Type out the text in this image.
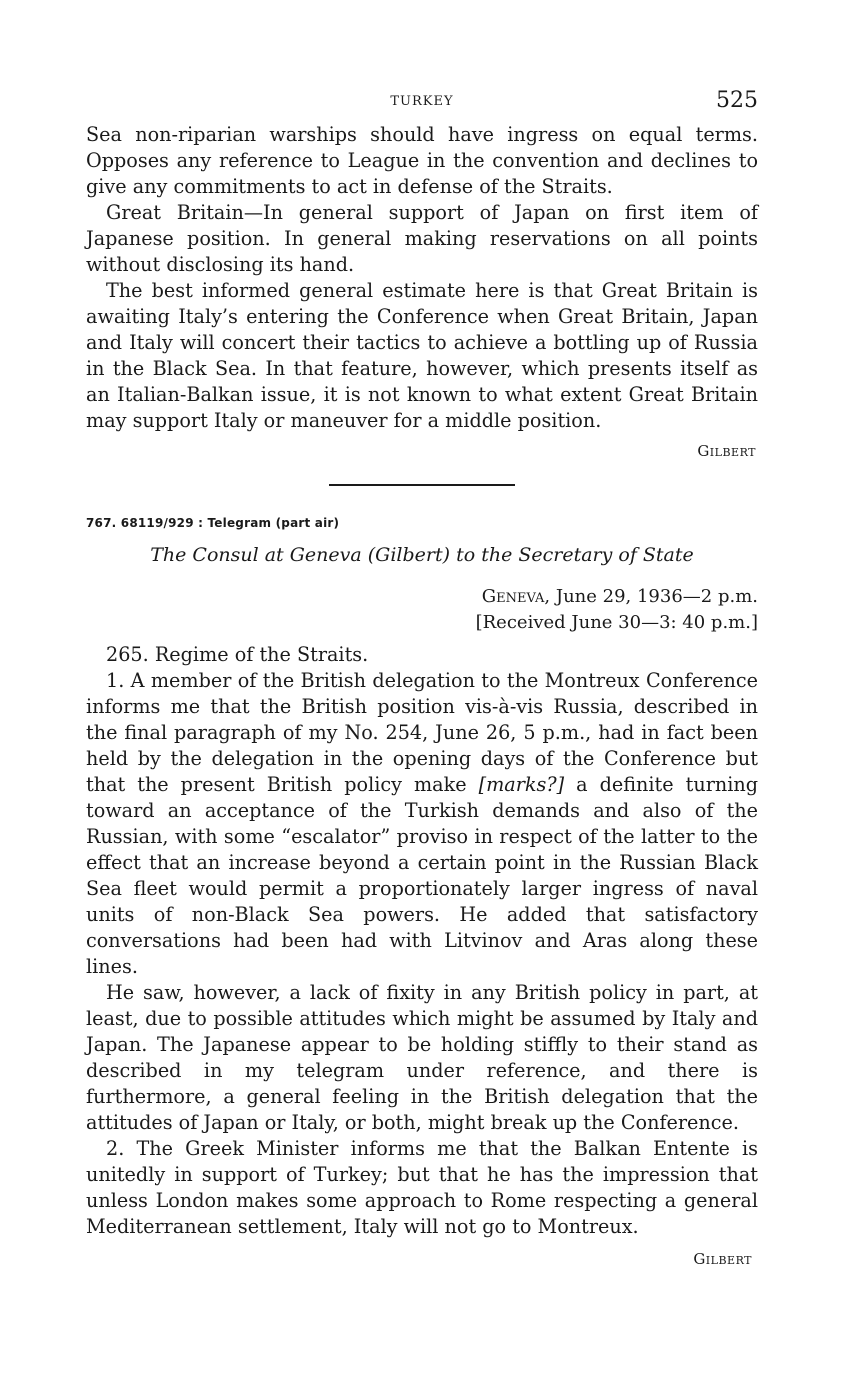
TURKEY	525

Sea non-riparian warships should have ingress on equal terms. Opposes any reference to League in the convention and declines to give any commitments to act in defense of the Straits.

Great Britain—In general support of Japan on first item of Japanese position. In general making reservations on all points without disclosing its hand.

The best informed general estimate here is that Great Britain is awaiting Italy’s entering the Conference when Great Britain, Japan and Italy will concert their tactics to achieve a bottling up of Russia in the Black Sea. In that feature, however, which presents itself as an Italian-Balkan issue, it is not known to what extent Great Britain may support Italy or maneuver for a middle position.

Gilbert
767. 68119/929 : Telegram (part air)
The Consul at Geneva (Gilbert) to the Secretary of State
Geneva, June 29, 1936—2 p.m.
[Received June 30—3: 40 p.m.]

265. Regime of the Straits.

1. A member of the British delegation to the Montreux Conference informs me that the British position vis-à-vis Russia, described in the final paragraph of my No. 254, June 26, 5 p.m., had in fact been held by the delegation in the opening days of the Conference but that the present British policy make [marks?] a definite turning toward an acceptance of the Turkish demands and also of the Russian, with some “escalator” proviso in respect of the latter to the effect that an increase beyond a certain point in the Russian Black Sea fleet would permit a proportionately larger ingress of naval units of non-Black Sea powers. He added that satisfactory conversations had been had with Litvinov and Aras along these lines.

He saw, however, a lack of fixity in any British policy in part, at least, due to possible attitudes which might be assumed by Italy and Japan. The Japanese appear to be holding stiffly to their stand as described in my telegram under reference, and there is furthermore, a general feeling in the British delegation that the attitudes of Japan or Italy, or both, might break up the Conference.

2. The Greek Minister informs me that the Balkan Entente is unitedly in support of Turkey; but that he has the impression that unless London makes some approach to Rome respecting a general Mediterranean settlement, Italy will not go to Montreux.

Gilbert
